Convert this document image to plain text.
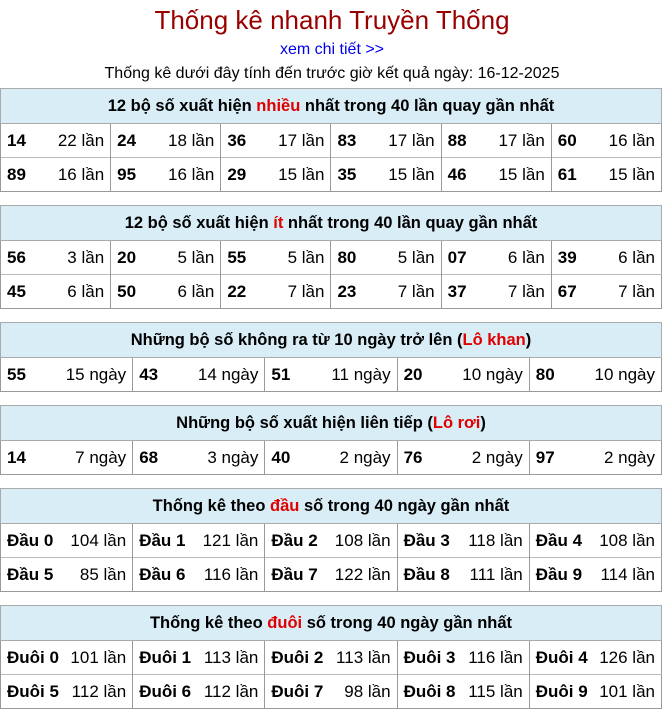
Thống kê nhanh Truyền Thống
xem chi tiết >>
Thống kê dưới đây tính đến trước giờ kết quả ngày: 16-12-2025
12 bộ số xuất hiện nhiều nhất trong 40 lần quay gần nhất					

14 22 lần	24 18 lần	36 17 lần	83 17 lần	88 17 lần	60 16 lần

89 16 lần	95 16 lần	29 15 lần	35 15 lần	46 15 lần	61 15 lần
12 bộ số xuất hiện ít nhất trong 40 lần quay gần nhất					

56 3 lần	20 5 lần	55 5 lần	80 5 lần	07 6 lần	39 6 lần

45 6 lần	50 6 lần	22 7 lần	23 7 lần	37 7 lần	67 7 lần
Những bộ số không ra từ 10 ngày trở lên (Lô khan)

55 15 ngày	43 14 ngày	51 11 ngày	20 10 ngày	80 10 ngày
Những bộ số xuất hiện liên tiếp (Lô rơi)

14	7 ngày	68	3 ngày	40	2 ngày	76	2 ngày	97	2 ngày
Thống kê theo đầu số trong 40 ngày gần nhất				

Đầu 0 104 lần	Đầu 1 121 lần	Đầu 2 108 lần	Đầu 3 118 lần	Đầu 4 108 lần

Đầu 5 85 lần	Đầu 6 116 lần	Đầu 7 122 lần	Đầu 8 111 lần	Đầu 9 114 lần
Thống kê theo đuôi số trong 40 ngày gần nhất				

Đuôi 0 101 lần	Đuôi 1 113 lần	Đuôi 2 113 lần	Đuôi 3 116 lần	Đuôi 4 126 lần

Đuôi 5 112 lần	Đuôi 6 112 lần	Đuôi 7 98 lần	Đuôi 8 115 lần	Đuôi 9 101 lần
